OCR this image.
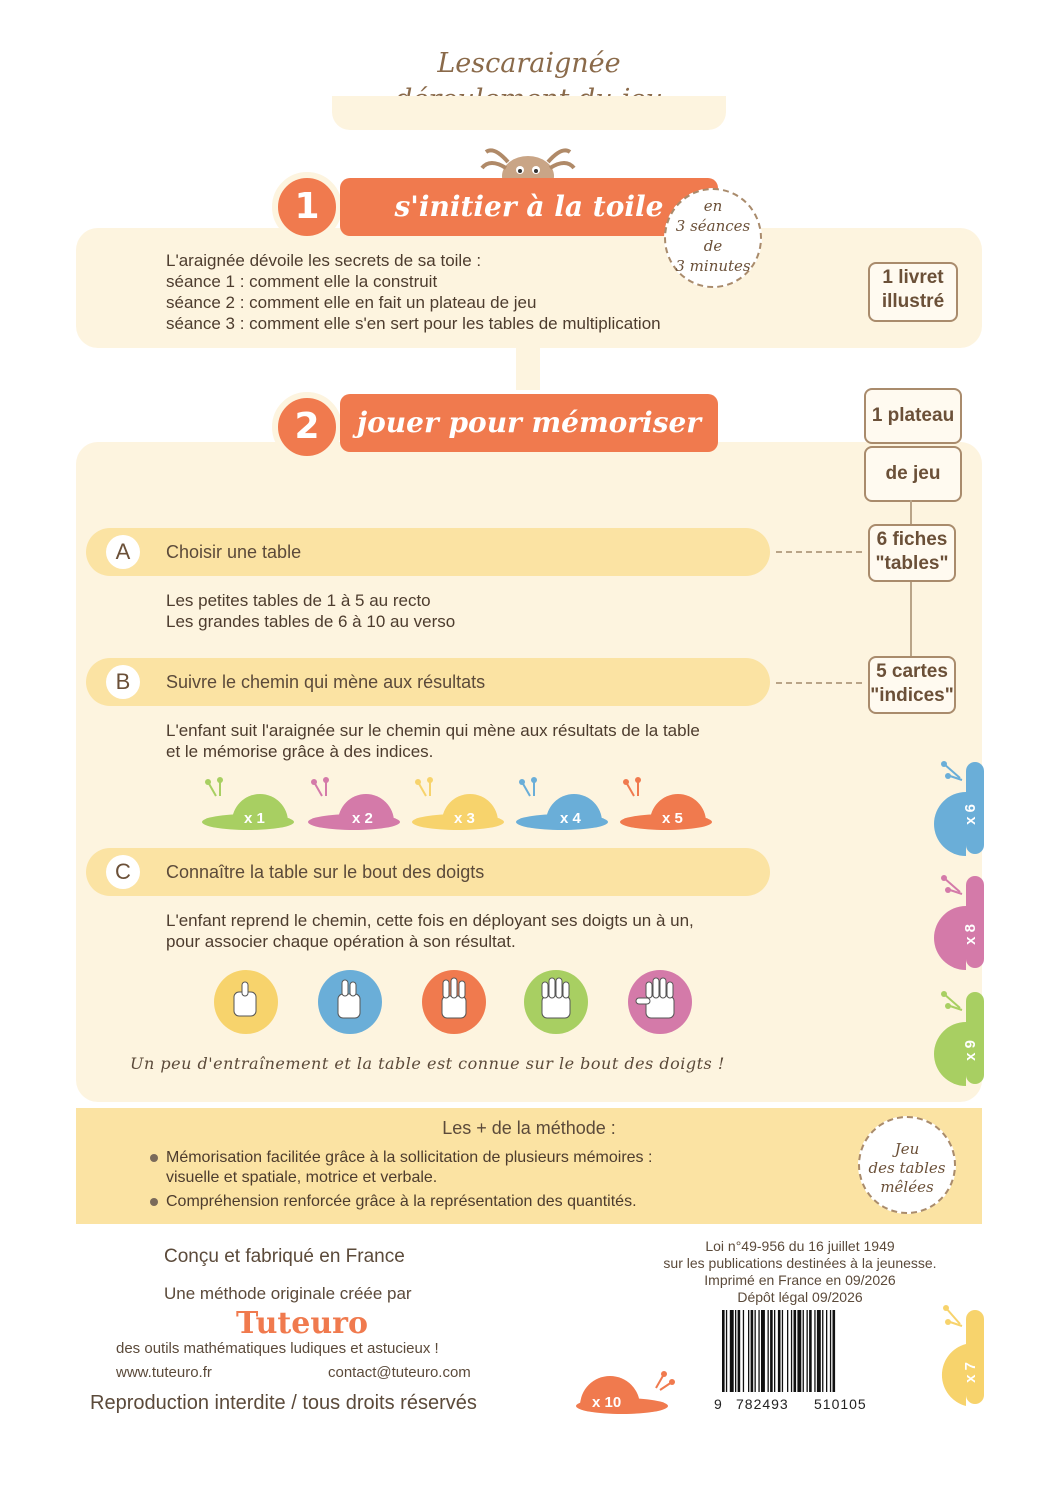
Lescaraignée
1	s'initier à la toile	en
3 séances
de
3 minutes
L'araignée dévoile les secrets de sa toile :
séance 1 : comment elle la construit
séance 2 : comment elle en fait un plateau de jeu
séance 3 : comment elle s'en sert pour les tables de multiplication
1 livret
illustré
2	jouer pour mémoriser	1 plateau
de jeu
6 fiches
"tables"
5 cartes
"indices"
A	Choisir une table
Les petites tables de 1 à 5 au recto
Les grandes tables de 6 à 10 au verso
B	Suivre le chemin qui mène aux résultats
L'enfant suit l'araignée sur le chemin qui mène aux résultats de la table
et le mémorise grâce à des indices.
x 1	x 2	x 3	x 4	x 5
C	Connaître la table sur le bout des doigts
L'enfant reprend le chemin, cette fois en déployant ses doigts un à un,
pour associer chaque opération à son résultat.
Un peu d'entraînement et la table est connue sur le bout des doigts !
x 6
x 8
x 9
Les + de la méthode :
Mémorisation facilitée grâce à la sollicitation de plusieurs mémoires :
visuelle et spatiale, motrice et verbale.
Compréhension renforcée grâce à la représentation des quantités.
Jeu
des tables
mêlées
Conçu et fabriqué en France
Une méthode originale créée par
Tuteuro
des outils mathématiques ludiques et astucieux !
www.tuteuro.fr	contact@tuteuro.com
Reproduction interdite / tous droits réservés	x 10
Loi n°49-956 du 16 juillet 1949
sur les publications destinées à la jeunesse.
Imprimé en France en 09/2026
Dépôt légal 09/2026
9 782493 510105
x 7
